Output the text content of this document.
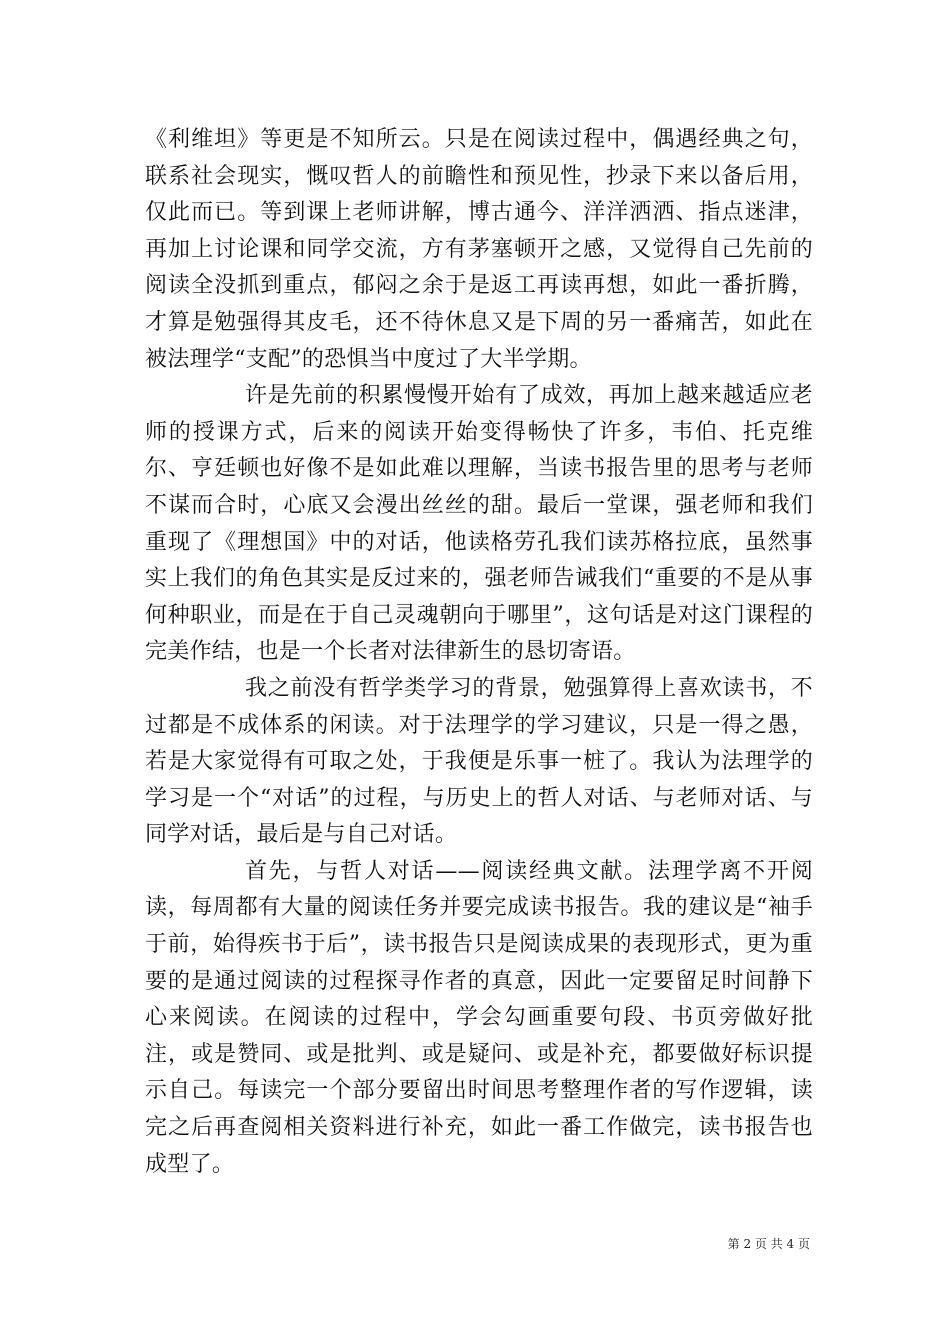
《利维坦》等更是不知所云。只是在阅读过程中，偶遇经典之句，联系社会现实，慨叹哲人的前瞻性和预见性，抄录下来以备后用，仅此而已。等到课上老师讲解，博古通今、洋洋洒洒、指点迷津，再加上讨论课和同学交流，方有茅塞顿开之感，又觉得自己先前的阅读全没抓到重点，郁闷之余于是返工再读再想，如此一番折腾，才算是勉强得其皮毛，还不待休息又是下周的另一番痛苦，如此在被法理学“支配”的恐惧当中度过了大半学期。

许是先前的积累慢慢开始有了成效，再加上越来越适应老师的授课方式，后来的阅读开始变得畅快了许多，韦伯、托克维尔、亨廷顿也好像不是如此难以理解，当读书报告里的思考与老师不谋而合时，心底又会漫出丝丝的甜。最后一堂课，强老师和我们重现了《理想国》中的对话，他读格劳孔我们读苏格拉底，虽然事实上我们的角色其实是反过来的，强老师告诫我们“重要的不是从事何种职业，而是在于自己灵魂朝向于哪里”，这句话是对这门课程的完美作结，也是一个长者对法律新生的恳切寄语。

我之前没有哲学类学习的背景，勉强算得上喜欢读书，不过都是不成体系的闲读。对于法理学的学习建议，只是一得之愚，若是大家觉得有可取之处，于我便是乐事一桩了。我认为法理学的学习是一个“对话”的过程，与历史上的哲人对话、与老师对话、与同学对话，最后是与自己对话。

首先，与哲人对话——阅读经典文献。法理学离不开阅读，每周都有大量的阅读任务并要完成读书报告。我的建议是“袖手于前，始得疾书于后”，读书报告只是阅读成果的表现形式，更为重要的是通过阅读的过程探寻作者的真意，因此一定要留足时间静下心来阅读。在阅读的过程中，学会勾画重要句段、书页旁做好批注，或是赞同、或是批判、或是疑问、或是补充，都要做好标识提示自己。每读完一个部分要留出时间思考整理作者的写作逻辑，读完之后再查阅相关资料进行补充，如此一番工作做完，读书报告也成型了。

第 2 页 共 4 页
